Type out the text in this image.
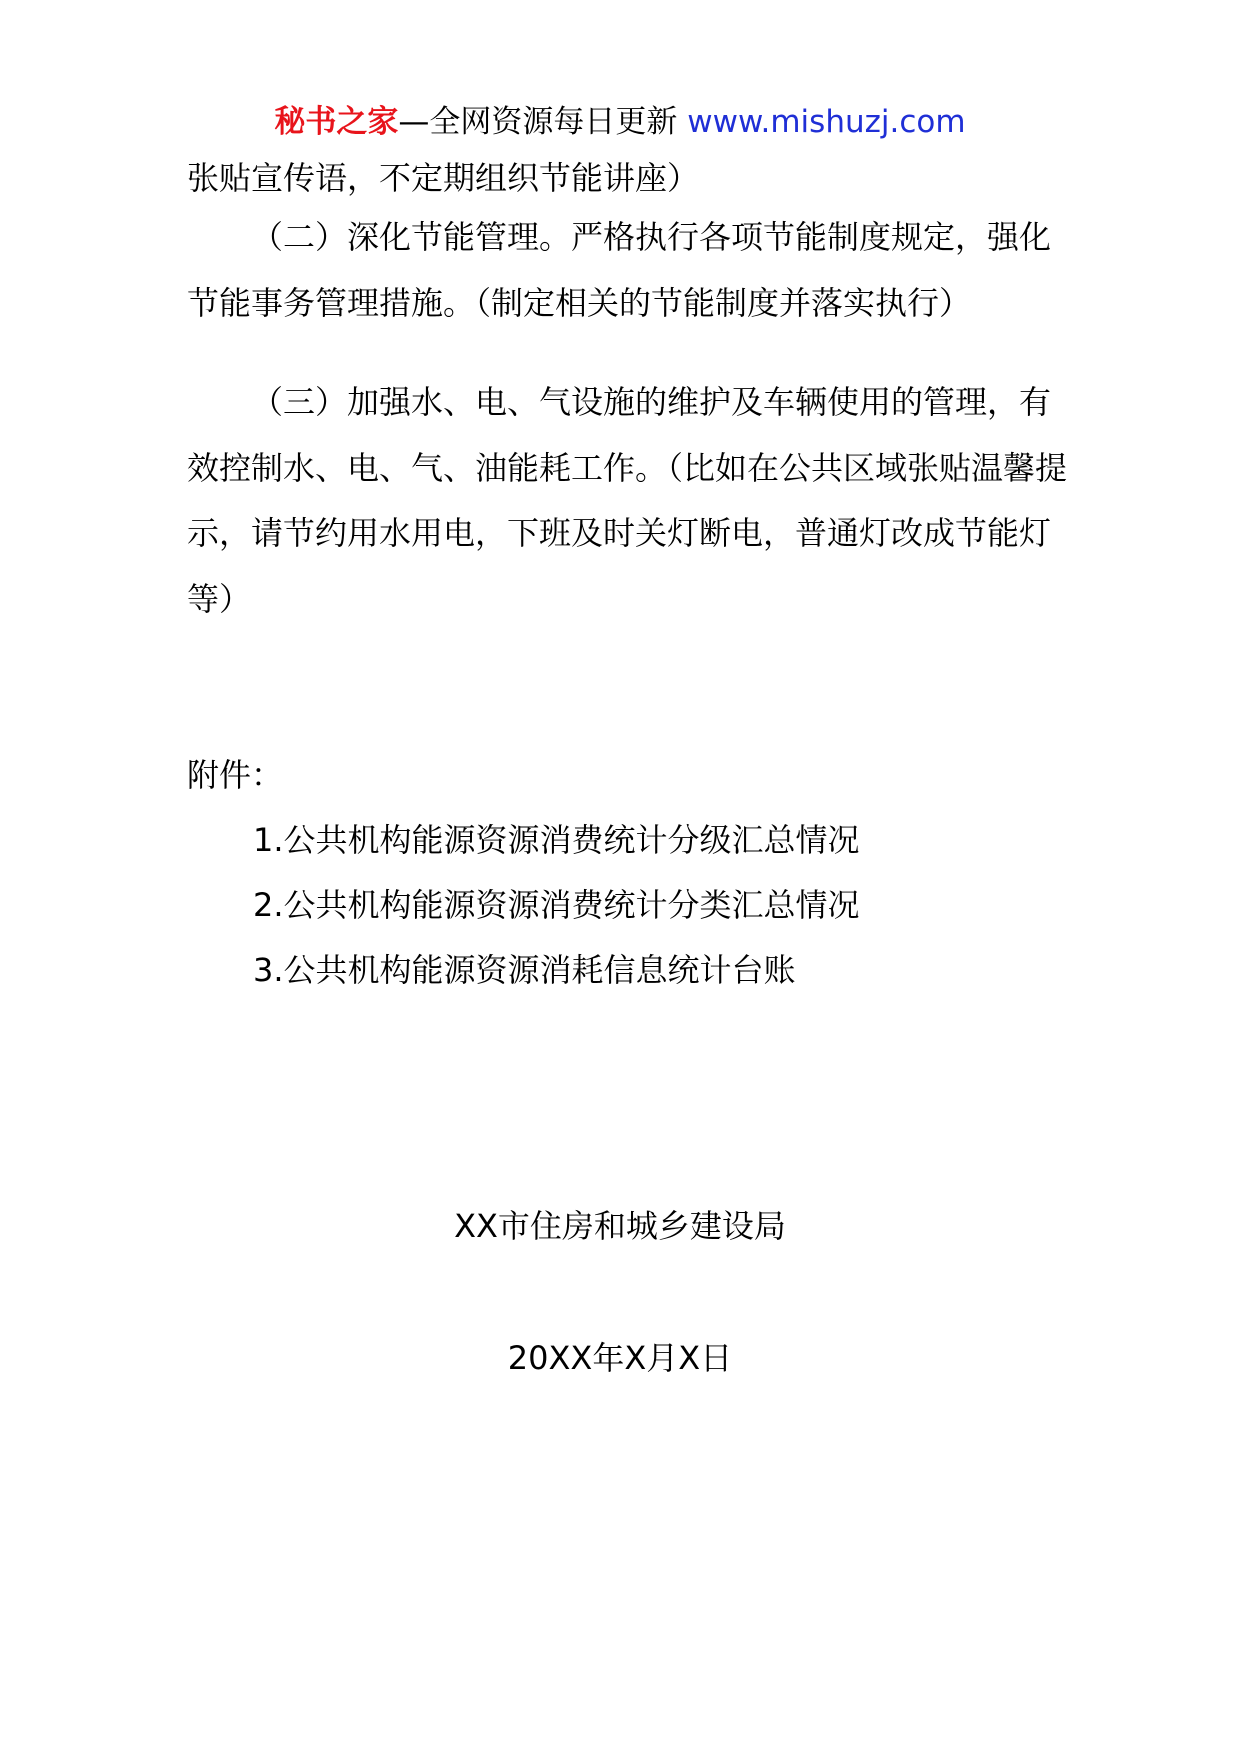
秘书之家—全网资源每日更新 www.mishuzj.com

张贴宣传语，不定期组织节能讲座）

（二）深化节能管理。严格执行各项节能制度规定，强化节能事务管理措施。（制定相关的节能制度并落实执行）

（三）加强水、电、气设施的维护及车辆使用的管理，有效控制水、电、气、油能耗工作。（比如在公共区域张贴温馨提示，请节约用水用电，下班及时关灯断电，普通灯改成节能灯等）

附件：

1.公共机构能源资源消费统计分级汇总情况

2.公共机构能源资源消费统计分类汇总情况

3.公共机构能源资源消耗信息统计台账

XX市住房和城乡建设局

20XX年X月X日
